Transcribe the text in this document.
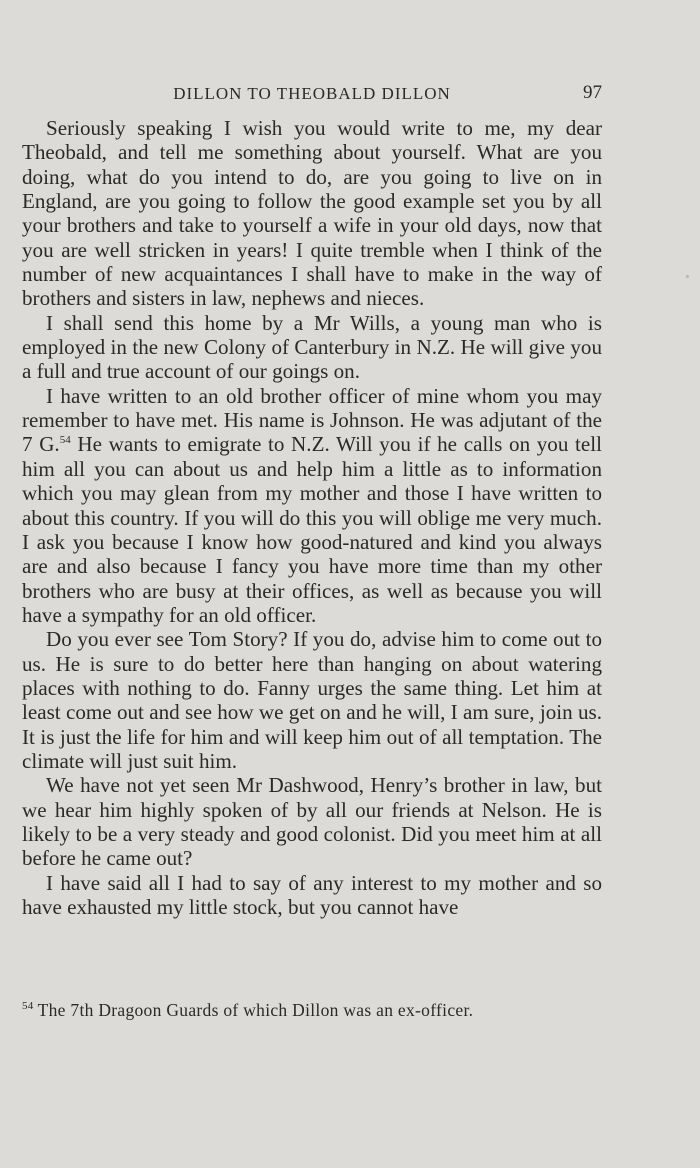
DILLON TO THEOBALD DILLON	97

Seriously speaking I wish you would write to me, my dear Theobald, and tell me something about yourself. What are you doing, what do you intend to do, are you going to live on in England, are you going to follow the good example set you by all your brothers and take to yourself a wife in your old days, now that you are well stricken in years! I quite tremble when I think of the number of new acquaintances I shall have to make in the way of brothers and sisters in law, nephews and nieces.

I shall send this home by a Mr Wills, a young man who is employed in the new Colony of Canterbury in N.Z. He will give you a full and true account of our goings on.

I have written to an old brother officer of mine whom you may remember to have met. His name is Johnson. He was adjutant of the 7 G.$^{54}$ He wants to emigrate to N.Z. Will you if he calls on you tell him all you can about us and help him a little as to information which you may glean from my mother and those I have written to about this country. If you will do this you will oblige me very much. I ask you because I know how good-natured and kind you always are and also because I fancy you have more time than my other brothers who are busy at their offices, as well as because you will have a sympathy for an old officer.

Do you ever see Tom Story? If you do, advise him to come out to us. He is sure to do better here than hanging on about watering places with nothing to do. Fanny urges the same thing. Let him at least come out and see how we get on and he will, I am sure, join us. It is just the life for him and will keep him out of all temptation. The climate will just suit him.

We have not yet seen Mr Dashwood, Henry’s brother in law, but we hear him highly spoken of by all our friends at Nelson. He is likely to be a very steady and good colonist. Did you meet him at all before he came out?

I have said all I had to say of any interest to my mother and so have exhausted my little stock, but you cannot have

$^{54}$ The 7th Dragoon Guards of which Dillon was an ex-officer.
